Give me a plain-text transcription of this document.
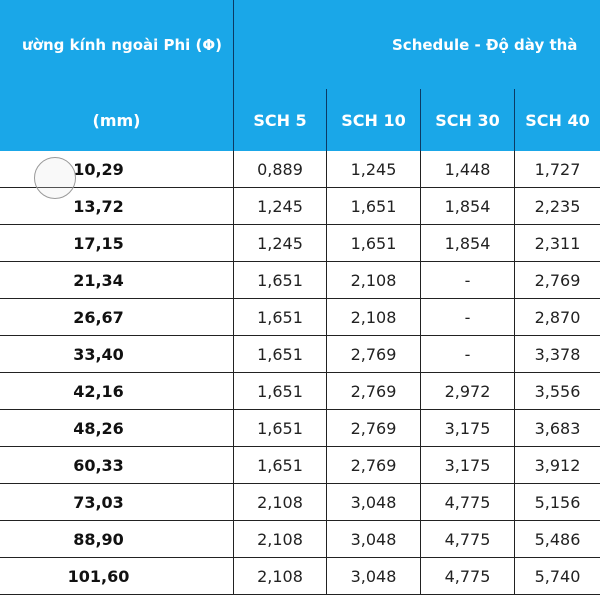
ường kính ngoài Phi (Φ)	Schedule - Độ dày thà
(mm)	SCH 5	SCH 10	SCH 30	SCH 40
10,29	0,889	1,245	1,448	1,727
13,72	1,245	1,651	1,854	2,235
17,15	1,245	1,651	1,854	2,311
21,34	1,651	2,108	-	2,769
26,67	1,651	2,108	-	2,870
33,40	1,651	2,769	-	3,378
42,16	1,651	2,769	2,972	3,556
48,26	1,651	2,769	3,175	3,683
60,33	1,651	2,769	3,175	3,912
73,03	2,108	3,048	4,775	5,156
88,90	2,108	3,048	4,775	5,486
101,60	2,108	3,048	4,775	5,740
